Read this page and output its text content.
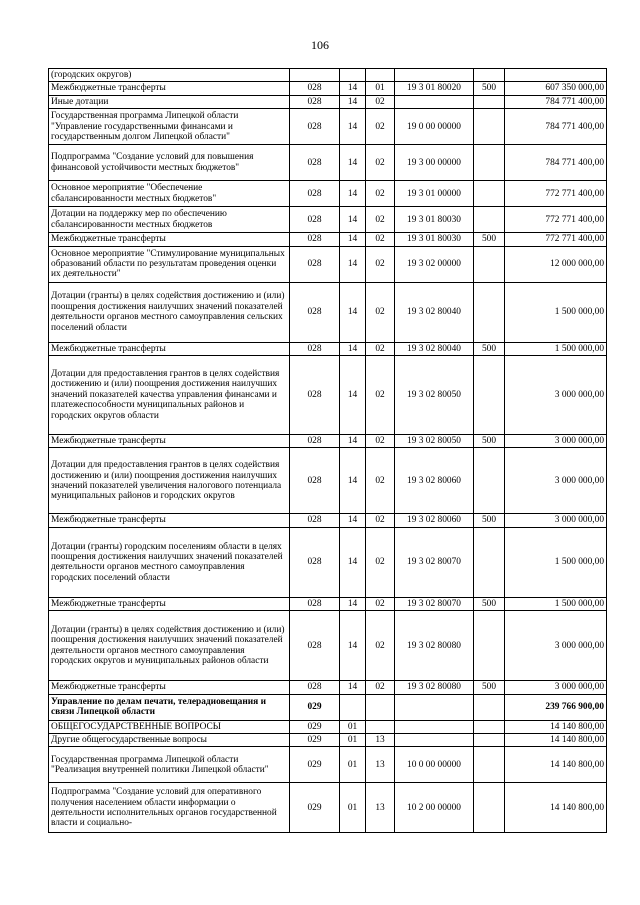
106
(городских округов)						
Межбюджетные трансферты	028	14	01	19 3 01 80020	500	607 350 000,00
Иные дотации	028	14	02			784 771 400,00
Государственная программа Липецкой области "Управление государственными финансами и государственным долгом Липецкой области"	028	14	02	19 0 00 00000		784 771 400,00
Подпрограмма "Создание условий для повышения финансовой устойчивости местных бюджетов"	028	14	02	19 3 00 00000		784 771 400,00
Основное мероприятие "Обеспечение сбалансированности местных бюджетов"	028	14	02	19 3 01 00000		772 771 400,00
Дотации на поддержку мер по обеспечению сбалансированности местных бюджетов	028	14	02	19 3 01 80030		772 771 400,00
Межбюджетные трансферты	028	14	02	19 3 01 80030	500	772 771 400,00
Основное мероприятие "Стимулирование муниципальных образований области по результатам проведения оценки их деятельности"	028	14	02	19 3 02 00000		12 000 000,00
Дотации (гранты) в целях содействия достижению и (или) поощрения достижения наилучших значений показателей деятельности органов местного самоуправления сельских поселений области	028	14	02	19 3 02 80040		1 500 000,00
Межбюджетные трансферты	028	14	02	19 3 02 80040	500	1 500 000,00
Дотации для предоставления грантов в целях содействия достижению и (или) поощрения достижения наилучших значений показателей качества управления финансами и платежеспособности муниципальных районов и городских округов области	028	14	02	19 3 02 80050		3 000 000,00
Межбюджетные трансферты	028	14	02	19 3 02 80050	500	3 000 000,00
Дотации для предоставления грантов в целях содействия достижению и (или) поощрения достижения наилучших значений показателей увеличения налогового потенциала муниципальных районов и городских округов	028	14	02	19 3 02 80060		3 000 000,00
Межбюджетные трансферты	028	14	02	19 3 02 80060	500	3 000 000,00
Дотации (гранты) городским поселениям области в целях поощрения достижения наилучших значений показателей деятельности органов местного самоуправления городских поселений области	028	14	02	19 3 02 80070		1 500 000,00
Межбюджетные трансферты	028	14	02	19 3 02 80070	500	1 500 000,00
Дотации (гранты) в целях содействия достижению и (или) поощрения достижения наилучших значений показателей деятельности органов местного самоуправления городских округов и муниципальных районов области	028	14	02	19 3 02 80080		3 000 000,00
Межбюджетные трансферты	028	14	02	19 3 02 80080	500	3 000 000,00
Управление по делам печати, телерадиовещания и связи Липецкой области	029					239 766 900,00
ОБЩЕГОСУДАРСТВЕННЫЕ ВОПРОСЫ	029	01				14 140 800,00
Другие общегосударственные вопросы	029	01	13			14 140 800,00
Государственная программа Липецкой области "Реализация внутренней политики Липецкой области"	029	01	13	10 0 00 00000		14 140 800,00
Подпрограмма "Создание условий для оперативного получения населением области информации о деятельности исполнительных органов государственной власти и социально-	029	01	13	10 2 00 00000		14 140 800,00
